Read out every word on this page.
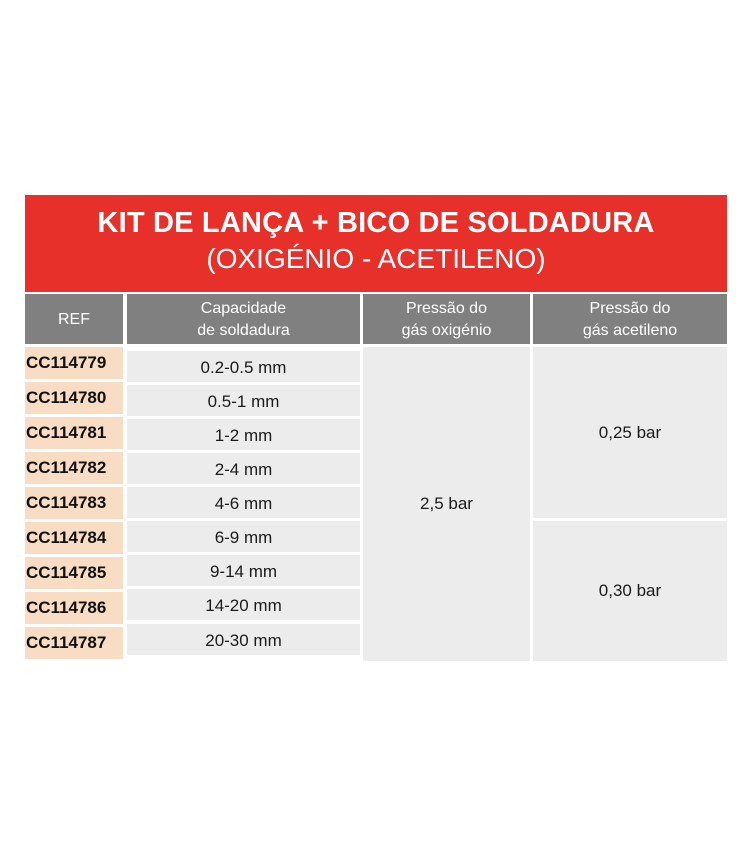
KIT DE LANÇA + BICO DE SOLDADURA
(OXIGÉNIO - ACETILENO)
REF
Capacidade
de soldadura
Pressão do
gás oxigénio
Pressão do
gás acetileno
CC114779
CC114780
CC114781
CC114782
CC114783
CC114784
CC114785
CC114786
CC114787
0.2-0.5 mm
0.5-1 mm
1-2 mm
2-4 mm
4-6 mm
6-9 mm
9-14 mm
14-20 mm
20-30 mm
2,5 bar
0,25 bar
0,30 bar
